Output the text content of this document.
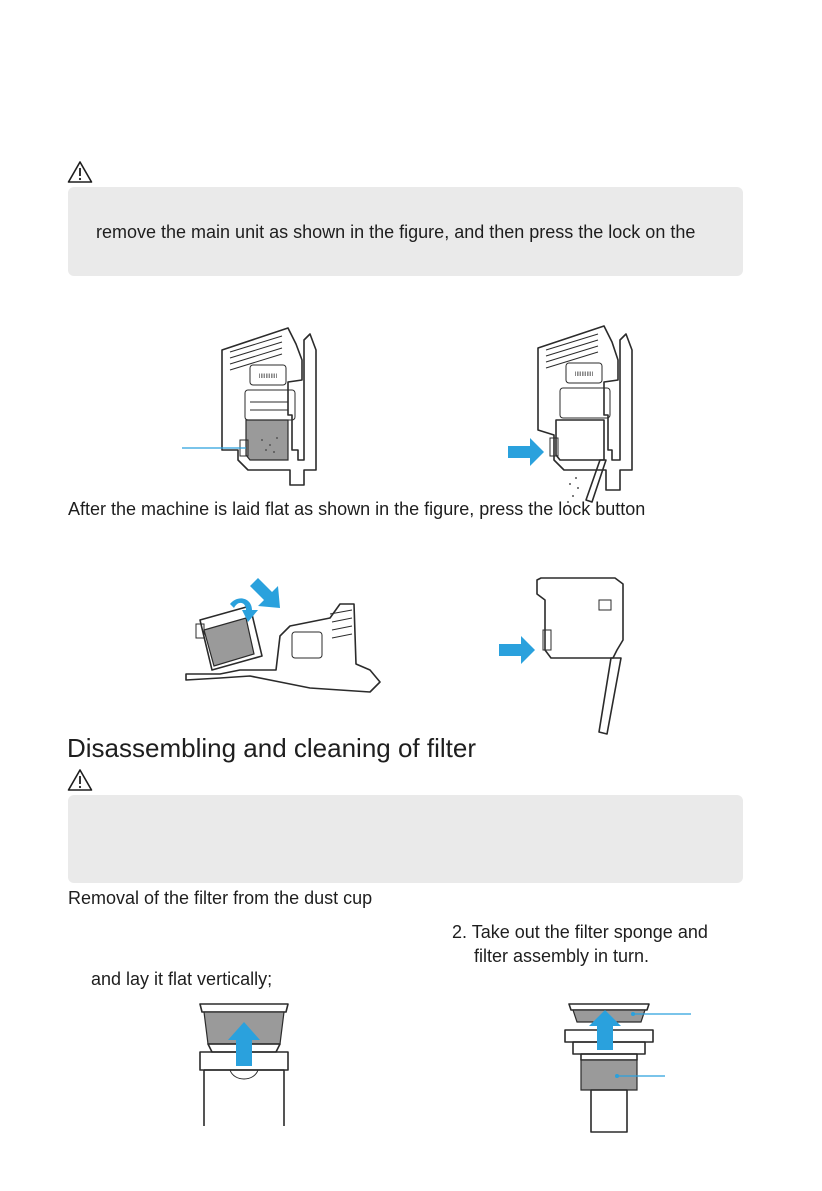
remove the main unit as shown in the figure, and then press the lock on the
IIIIIIIIIII	IIIIIIIIIII
After the machine is laid flat as shown in the figure, press the lock button
Disassembling and cleaning of filter
Removal of the filter from the dust cup
2. Take out the filter sponge and
filter assembly in turn.
and lay it flat vertically;
